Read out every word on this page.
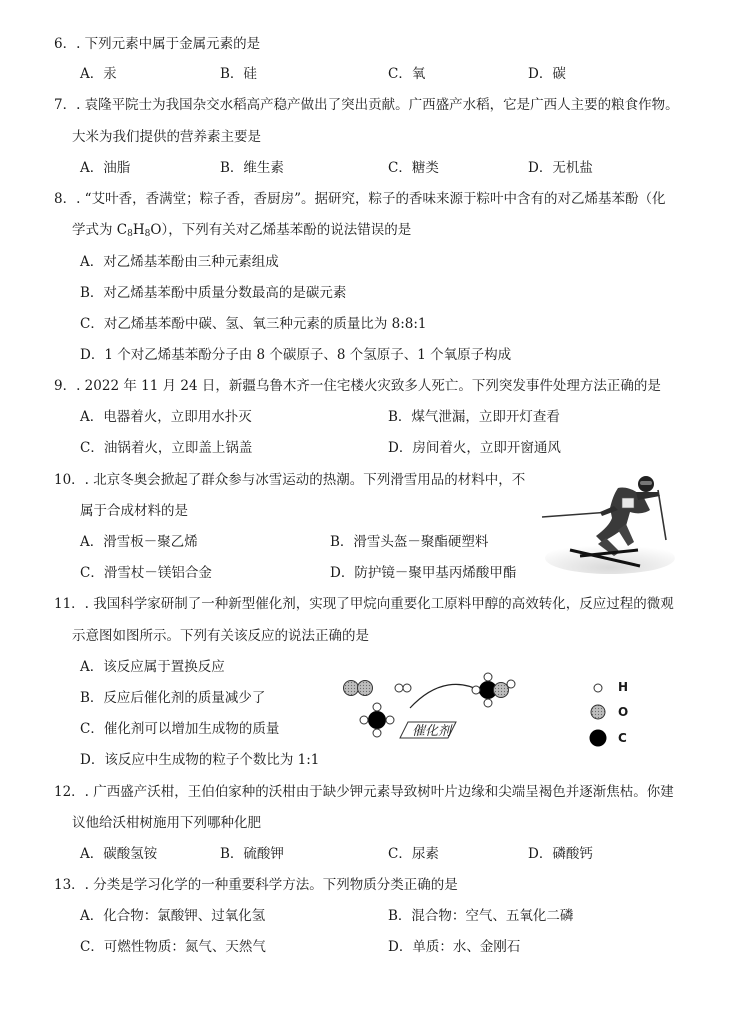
6．. 下列元素中属于金属元素的是
A．汞	B．硅	C．氧	D．碳
7．. 袁隆平院士为我国杂交水稻高产稳产做出了突出贡献。广西盛产水稻，它是广西人主要的粮食作物。
大米为我们提供的营养素主要是
A．油脂	B．维生素	C．糖类	D．无机盐
8．. “艾叶香，香满堂；粽子香，香厨房”。据研究，粽子的香味来源于粽叶中含有的对乙烯基苯酚（化
学式为 $C_8H_8O$），下列有关对乙烯基苯酚的说法错误的是
A．对乙烯基苯酚由三种元素组成
B．对乙烯基苯酚中质量分数最高的是碳元素
C．对乙烯基苯酚中碳、氢、氧三种元素的质量比为 8:8:1
D．1 个对乙烯基苯酚分子由 8 个碳原子、8 个氢原子、1 个氧原子构成
9．. 2022 年 11 月 24 日，新疆乌鲁木齐一住宅楼火灾致多人死亡。下列突发事件处理方法正确的是
A．电器着火，立即用水扑灭	B．煤气泄漏，立即开灯查看
C．油锅着火，立即盖上锅盖	D．房间着火，立即开窗通风
10．. 北京冬奥会掀起了群众参与冰雪运动的热潮。下列滑雪用品的材料中，不
属于合成材料的是
A．滑雪板－聚乙烯	B．滑雪头盔－聚酯硬塑料
C．滑雪杖－镁铝合金	D．防护镜－聚甲基丙烯酸甲酯
11．. 我国科学家研制了一种新型催化剂，实现了甲烷向重要化工原料甲醇的高效转化，反应过程的微观
示意图如图所示。下列有关该反应的说法正确的是
A．该反应属于置换反应
B．反应后催化剂的质量减少了
C．催化剂可以增加生成物的质量
D．该反应中生成物的粒子个数比为 1:1
催化剂
H
O
C
12．. 广西盛产沃柑，王伯伯家种的沃柑由于缺少钾元素导致树叶片边缘和尖端呈褐色并逐渐焦枯。你建
议他给沃柑树施用下列哪种化肥
A．碳酸氢铵	B．硫酸钾	C．尿素	D．磷酸钙
13．. 分类是学习化学的一种重要科学方法。下列物质分类正确的是
A．化合物：氯酸钾、过氧化氢	B．混合物：空气、五氧化二磷
C．可燃性物质：氮气、天然气	D．单质：水、金刚石
